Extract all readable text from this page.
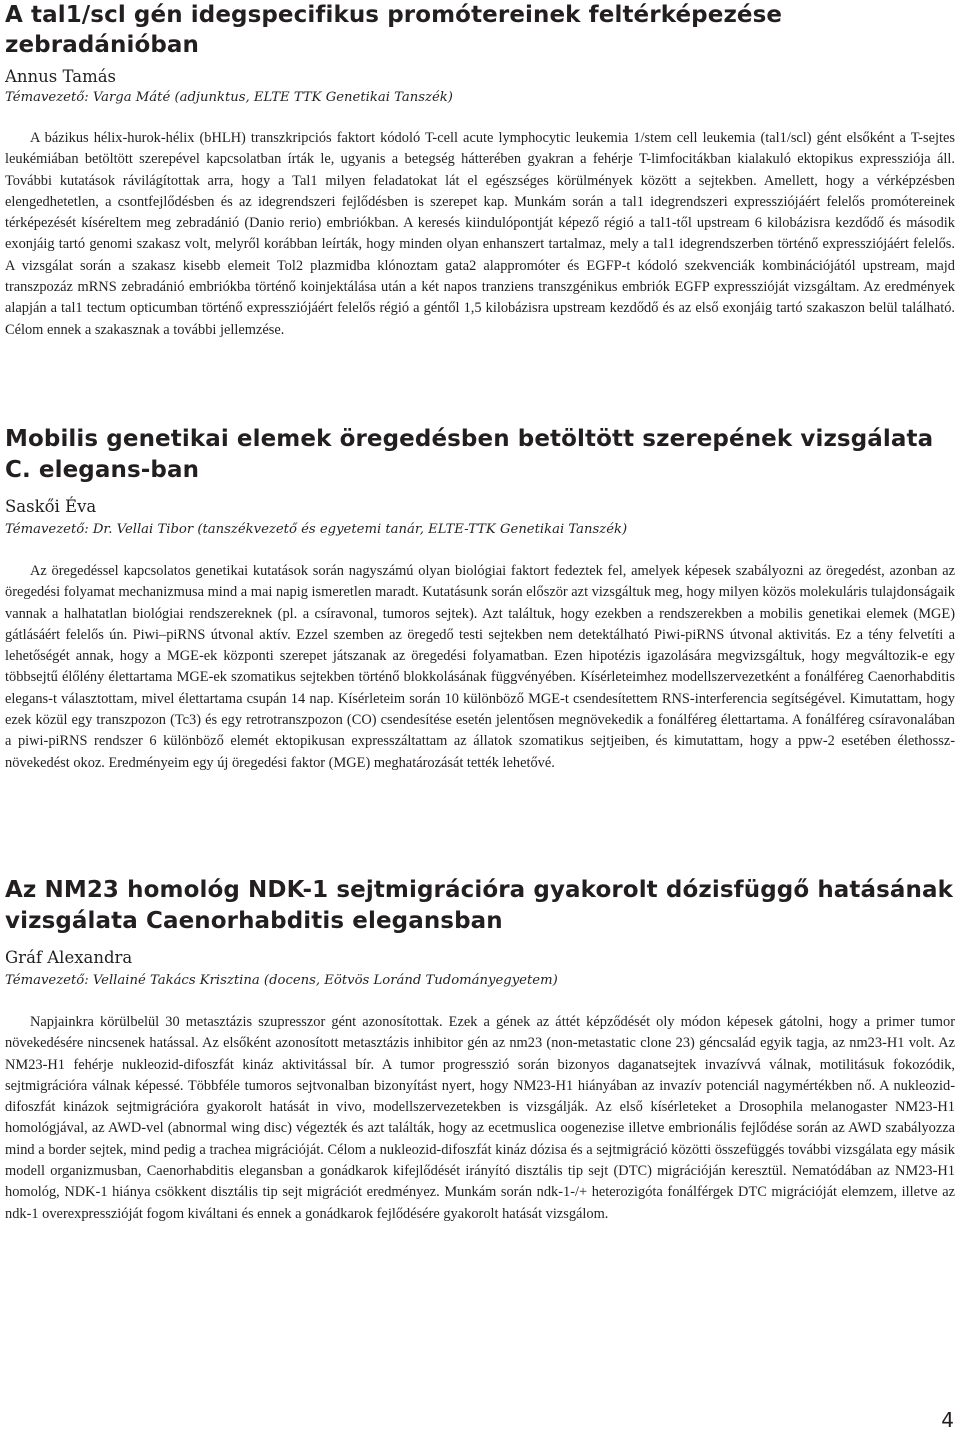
A tal1/scl gén idegspecifikus promótereinek feltérképezése zebradánióban

Annus Tamás

Témavezető: Varga Máté (adjunktus, ELTE TTK Genetikai Tanszék)

A bázikus hélix-hurok-hélix (bHLH) transzkripciós faktort kódoló T-cell acute lymphocytic leukemia 1/stem cell leukemia (tal1/scl) gént elsőként a T-sejtes leukémiában betöltött szerepével kapcsolatban írták le, ugyanis a betegség hátterében gyakran a fehérje T-limfocitákban kialakuló ektopikus expressziója áll. További kutatások rávilágítottak arra, hogy a Tal1 milyen feladatokat lát el egészséges körülmények között a sejtekben. Amellett, hogy a vérképzésben elengedhetetlen, a csontfejlődésben és az idegrendszeri fejlődésben is szerepet kap. Munkám során a tal1 idegrendszeri expressziójáért felelős promótereinek térképezését kíséreltem meg zebradánió (Danio rerio) embriókban. A keresés kiindulópontját képező régió a tal1-től upstream 6 kilobázisra kezdődő és második exonjáig tartó genomi szakasz volt, melyről korábban leírták, hogy minden olyan enhanszert tartalmaz, mely a tal1 idegrendszerben történő expressziójáért felelős. A vizsgálat során a szakasz kisebb elemeit Tol2 plazmidba klónoztam gata2 alappromóter és EGFP-t kódoló szekvenciák kombinációjától upstream, majd transzpozáz mRNS zebradánió embriókba történő koinjektálása után a két napos tranziens transzgénikus embriók EGFP expresszióját vizsgáltam. Az eredmények alapján a tal1 tectum opticumban történő expressziójáért felelős régió a géntől 1,5 kilobázisra upstream kezdődő és az első exonjáig tartó szakaszon belül található. Célom ennek a szakasznak a további jellemzése.

Mobilis genetikai elemek öregedésben betöltött szerepének vizsgálata C. elegans-ban

Saskői Éva

Témavezető: Dr. Vellai Tibor (tanszékvezető és egyetemi tanár, ELTE-TTK Genetikai Tanszék)

Az öregedéssel kapcsolatos genetikai kutatások során nagyszámú olyan biológiai faktort fedeztek fel, amelyek képesek szabályozni az öregedést, azonban az öregedési folyamat mechanizmusa mind a mai napig ismeretlen maradt. Kutatásunk során először azt vizsgáltuk meg, hogy milyen közös molekuláris tulajdonságaik vannak a halhatatlan biológiai rendszereknek (pl. a csíravonal, tumoros sejtek). Azt találtuk, hogy ezekben a rendszerekben a mobilis genetikai elemek (MGE) gátlásáért felelős ún. Piwi–piRNS útvonal aktív. Ezzel szemben az öregedő testi sejtekben nem detektálható Piwi-piRNS útvonal aktivitás. Ez a tény felvetíti a lehetőségét annak, hogy a MGE-ek központi szerepet játszanak az öregedési folyamatban. Ezen hipotézis igazolására megvizsgáltuk, hogy megváltozik-e egy többsejtű élőlény élettartama MGE-ek szomatikus sejtekben történő blokkolásának függvényében. Kísérleteimhez modellszervezetként a fonálféreg Caenorhabditis elegans-t választottam, mivel élettartama csupán 14 nap. Kísérleteim során 10 különböző MGE-t csendesítettem RNS-interferencia segítségével. Kimutattam, hogy ezek közül egy transzpozon (Tc3) és egy retrotranszpozon (CO) csendesítése esetén jelentősen megnövekedik a fonálféreg élettartama. A fonálféreg csíravonalában a piwi-piRNS rendszer 6 különböző elemét ektopikusan expresszáltattam az állatok szomatikus sejtjeiben, és kimutattam, hogy a ppw-2 esetében élethossz-növekedést okoz. Eredményeim egy új öregedési faktor (MGE) meghatározását tették lehetővé.

Az NM23 homológ NDK-1 sejtmigrációra gyakorolt dózisfüggő hatásának vizsgálata Caenorhabditis elegansban

Gráf Alexandra

Témavezető: Vellainé Takács Krisztina (docens, Eötvös Loránd Tudományegyetem)

Napjainkra körülbelül 30 metasztázis szupresszor gént azonosítottak. Ezek a gének az áttét képződését oly módon képesek gátolni, hogy a primer tumor növekedésére nincsenek hatással. Az elsőként azonosított metasztázis inhibitor gén az nm23 (non-metastatic clone 23) géncsalád egyik tagja, az nm23-H1 volt. Az NM23-H1 fehérje nukleozid-difoszfát kináz aktivitással bír. A tumor progresszió során bizonyos daganatsejtek invazívvá válnak, motilitásuk fokozódik, sejtmigrációra válnak képessé. Többféle tumoros sejtvonalban bizonyítást nyert, hogy NM23-H1 hiányában az invazív potenciál nagymértékben nő. A nukleozid-difoszfát kinázok sejtmigrációra gyakorolt hatását in vivo, modellszervezetekben is vizsgálják. Az első kísérleteket a Drosophila melanogaster NM23-H1 homológjával, az AWD-vel (abnormal wing disc) végezték és azt találták, hogy az ecetmuslica oogenezise illetve embrionális fejlődése során az AWD szabályozza mind a border sejtek, mind pedig a trachea migrációját. Célom a nukleozid-difoszfát kináz dózisa és a sejtmigráció közötti összefüggés további vizsgálata egy másik modell organizmusban, Caenorhabditis elegansban a gonádkarok kifejlődését irányító disztális tip sejt (DTC) migrációján keresztül. Nematódában az NM23-H1 homológ, NDK-1 hiánya csökkent disztális tip sejt migrációt eredményez. Munkám során ndk-1-/+ heterozigóta fonálférgek DTC migrációját elemzem, illetve az ndk-1 overexpresszióját fogom kiváltani és ennek a gonádkarok fejlődésére gyakorolt hatását vizsgálom.

4
